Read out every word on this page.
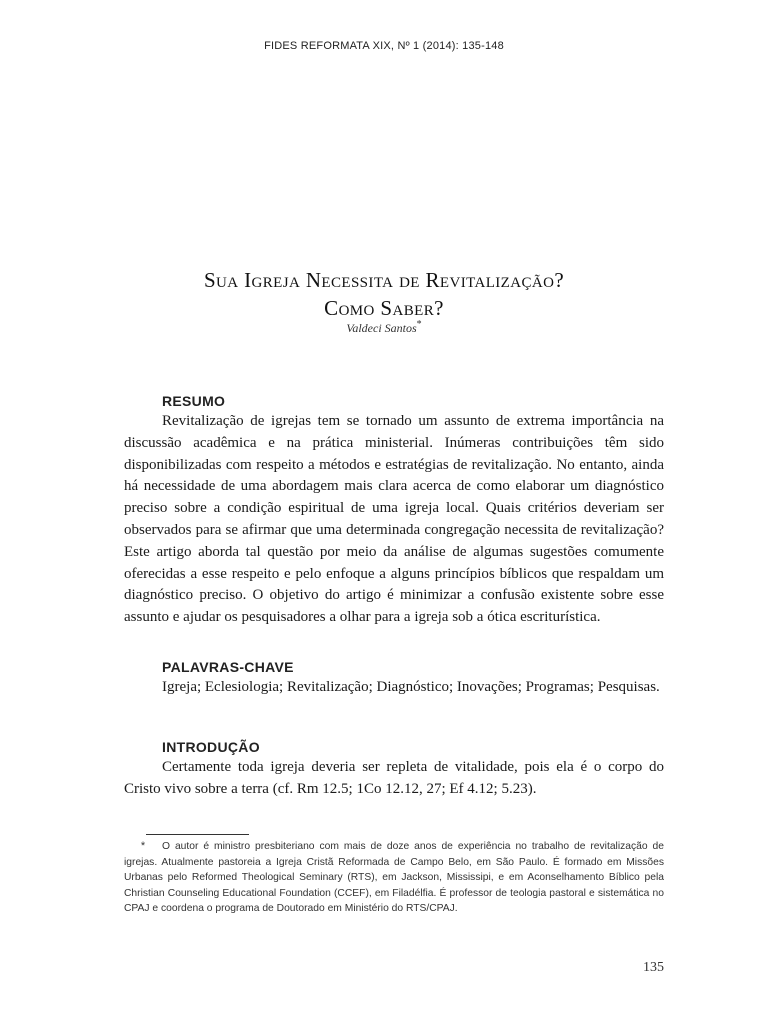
FIDES REFORMATA XIX, Nº 1 (2014): 135-148
Sua Igreja Necessita de Revitalização?
Como Saber?
Valdeci Santos*
RESUMO

Revitalização de igrejas tem se tornado um assunto de extrema importância na discussão acadêmica e na prática ministerial. Inúmeras contribuições têm sido disponibilizadas com respeito a métodos e estratégias de revitalização. No entanto, ainda há necessidade de uma abordagem mais clara acerca de como elaborar um diagnóstico preciso sobre a condição espiritual de uma igreja local. Quais critérios deveriam ser observados para se afirmar que uma determinada congregação necessita de revitalização? Este artigo aborda tal questão por meio da análise de algumas sugestões comumente oferecidas a esse respeito e pelo enfoque a alguns princípios bíblicos que respaldam um diagnóstico preciso. O objetivo do artigo é minimizar a confusão existente sobre esse assunto e ajudar os pesquisadores a olhar para a igreja sob a ótica escriturística.

PALAVRAS-CHAVE

Igreja; Eclesiologia; Revitalização; Diagnóstico; Inovações; Programas; Pesquisas.

INTRODUÇÃO

Certamente toda igreja deveria ser repleta de vitalidade, pois ela é o corpo do Cristo vivo sobre a terra (cf. Rm 12.5; 1Co 12.12, 27; Ef 4.12; 5.23).

* O autor é ministro presbiteriano com mais de doze anos de experiência no trabalho de revitalização de igrejas. Atualmente pastoreia a Igreja Cristã Reformada de Campo Belo, em São Paulo. É formado em Missões Urbanas pelo Reformed Theological Seminary (RTS), em Jackson, Mississipi, e em Aconselhamento Bíblico pela Christian Counseling Educational Foundation (CCEF), em Filadélfia. É professor de teologia pastoral e sistemática no CPAJ e coordena o programa de Doutorado em Ministério do RTS/CPAJ.
135
